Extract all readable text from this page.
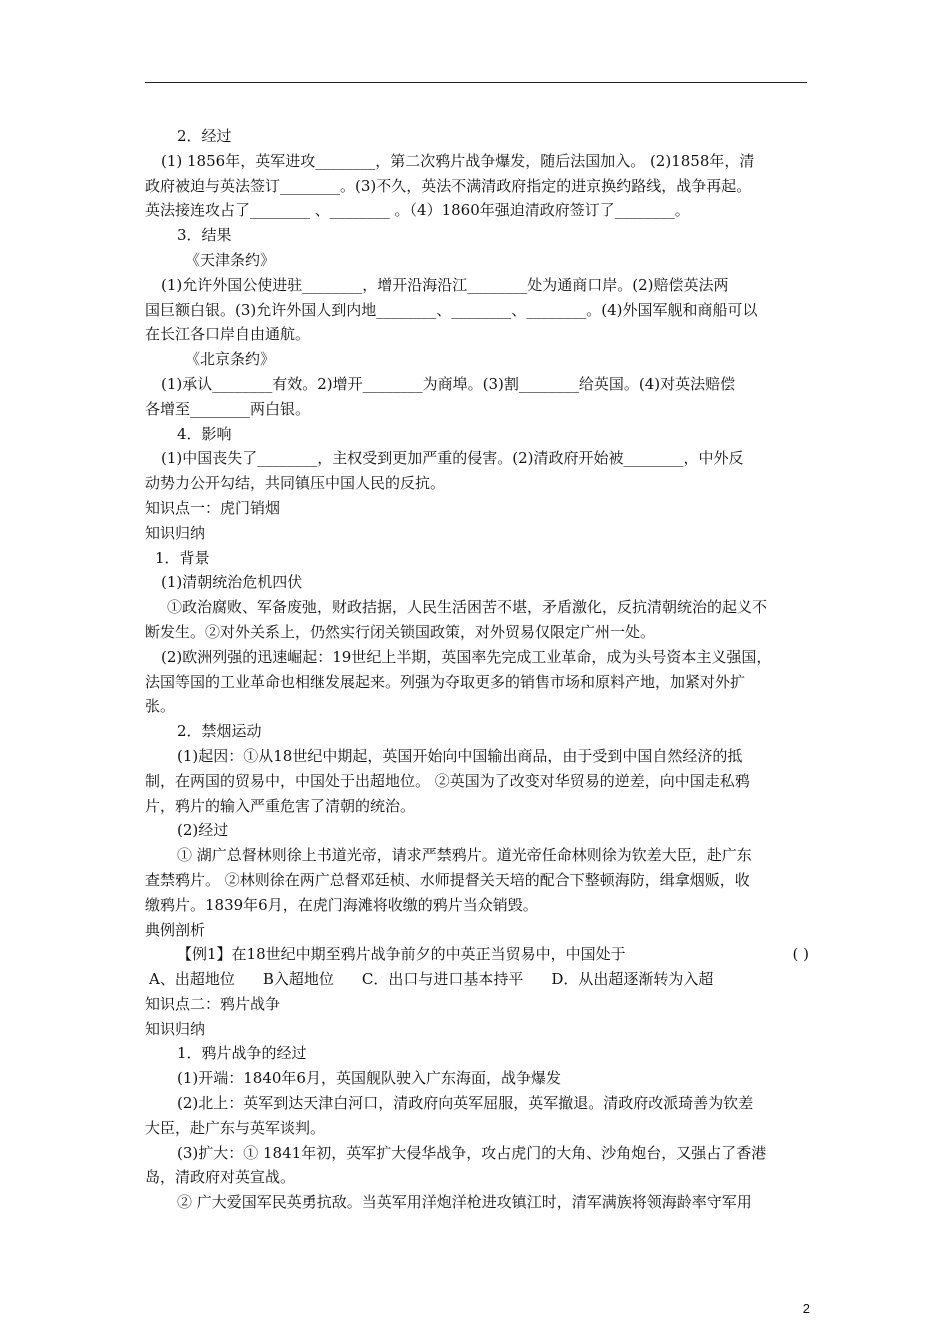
2．经过

(1) 1856年，英军进攻________，第二次鸦片战争爆发，随后法国加入。 (2)1858年，清

政府被迫与英法签订________。(3)不久，英法不满清政府指定的进京换约路线，战争再起。

英法接连攻占了________ 、________ 。（4）1860年强迫清政府签订了________。

3．结果

《天津条约》

(1)允许外国公使进驻________，增开沿海沿江________处为通商口岸。(2)赔偿英法两

国巨额白银。(3)允许外国人到内地________、________、________。(4)外国军舰和商船可以

在长江各口岸自由通航。

《北京条约》

(1)承认________有效。2)增开________为商埠。(3)割________给英国。(4)对英法赔偿

各增至________两白银。

4．影响

(1)中国丧失了________，主权受到更加严重的侵害。(2)清政府开始被________，中外反

动势力公开勾结，共同镇压中国人民的反抗。

知识点一：虎门销烟

知识归纳

1．背景

(1)清朝统治危机四伏

①政治腐败、军备废弛，财政拮据，人民生活困苦不堪，矛盾激化，反抗清朝统治的起义不

断发生。②对外关系上，仍然实行闭关锁国政策，对外贸易仅限定广州一处。

(2)欧洲列强的迅速崛起：19世纪上半期，英国率先完成工业革命，成为头号资本主义强国，

法国等国的工业革命也相继发展起来。列强为夺取更多的销售市场和原料产地，加紧对外扩

张。

2．禁烟运动

(1)起因：①从18世纪中期起，英国开始向中国输出商品，由于受到中国自然经济的抵

制，在两国的贸易中，中国处于出超地位。 ②英国为了改变对华贸易的逆差，向中国走私鸦

片，鸦片的输入严重危害了清朝的统治。

(2)经过

① 湖广总督林则徐上书道光帝，请求严禁鸦片。道光帝任命林则徐为钦差大臣，赴广东

查禁鸦片。 ②林则徐在两广总督邓廷桢、水师提督关天培的配合下整顿海防，缉拿烟贩，收

缴鸦片。1839年6月，在虎门海滩将收缴的鸦片当众销毁。

典例剖析

【例1】在18世纪中期至鸦片战争前夕的中英正当贸易中，中国处于	( )

A、出超地位 B入超地位 C．出口与进口基本持平 D．从出超逐渐转为入超

知识点二：鸦片战争

知识归纳

1．鸦片战争的经过

(1)开端：1840年6月，英国舰队驶入广东海面，战争爆发

(2)北上：英军到达天津白河口，清政府向英军屈服，英军撤退。清政府改派琦善为钦差

大臣，赴广东与英军谈判。

(3)扩大：① 1841年初，英军扩大侵华战争，攻占虎门的大角、沙角炮台，又强占了香港

岛，清政府对英宣战。

② 广大爱国军民英勇抗敌。当英军用洋炮洋枪进攻镇江时，清军满族将领海龄率守军用

2
